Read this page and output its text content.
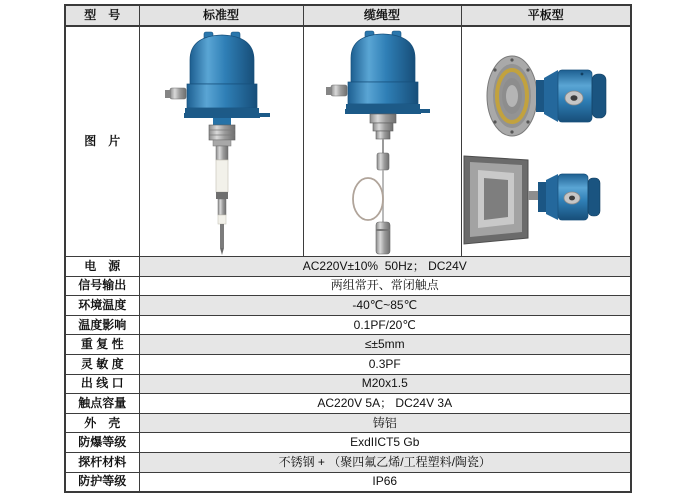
型　号	标准型	缆绳型	平板型
图　片	

电　源	AC220V±10%  50Hz； DC24V		
信号输出	两组常开、常闭触点		
环境温度	-40℃~85℃		
温度影响	0.1PF/20℃		
重 复 性	≤±5mm		
灵 敏 度	0.3PF		
出 线 口	M20x1.5		
触点容量	AC220V 5A； DC24V 3A		
外　壳	铸铝		
防爆等级	ExdIICT5 Gb		
探杆材料	不锈钢 + （聚四氟乙烯/工程塑料/陶瓷）		
防护等级	IP66		
